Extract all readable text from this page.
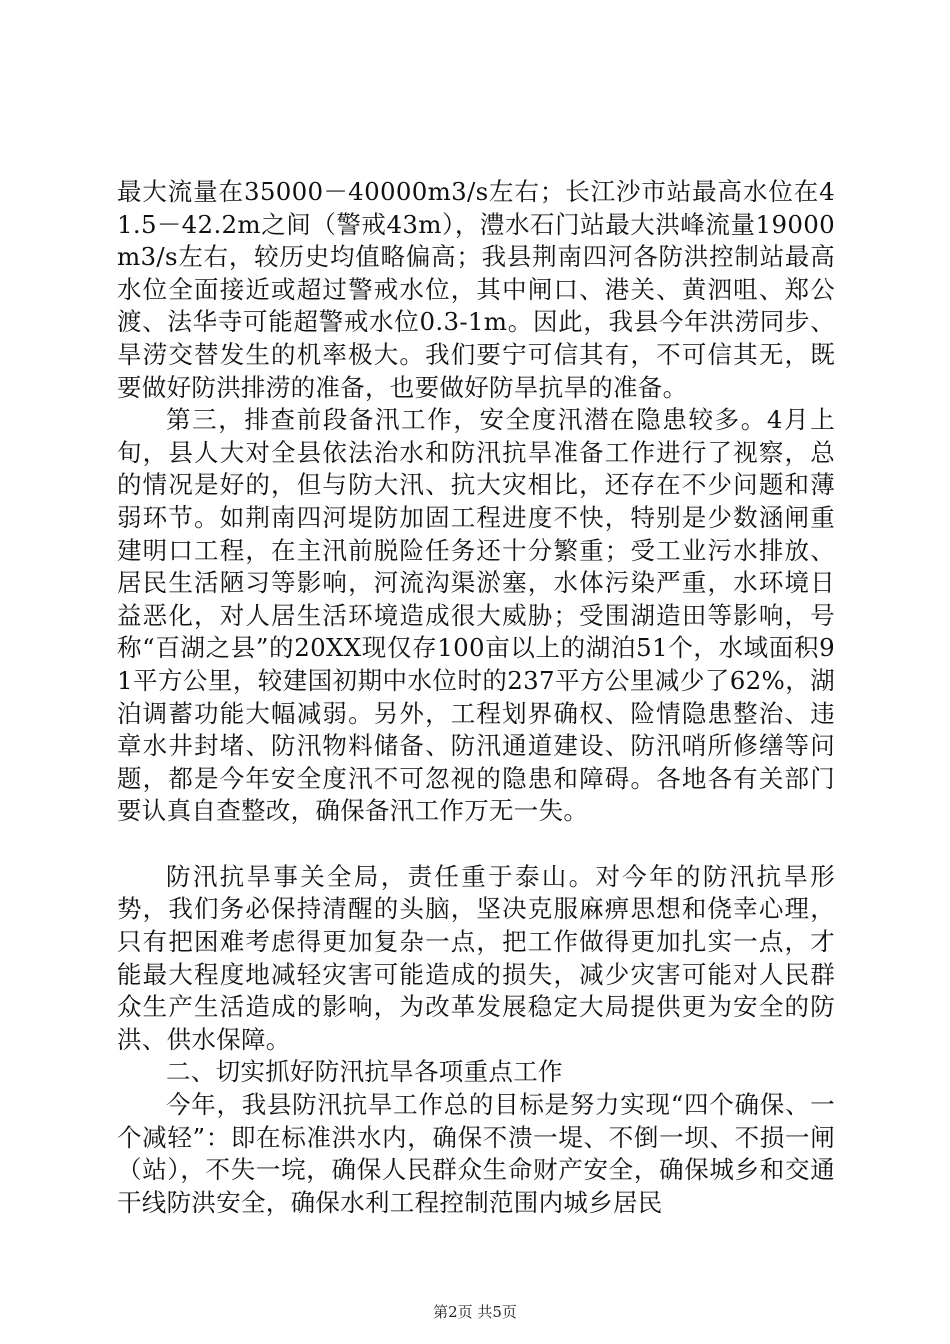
最大流量在35000－40000m3/s左右；长江沙市站最高水位在41.5－42.2m之间（警戒43m），澧水石门站最大洪峰流量19000m3/s左右，较历史均值略偏高；我县荆南四河各防洪控制站最高水位全面接近或超过警戒水位，其中闸口、港关、黄泗咀、郑公渡、法华寺可能超警戒水位0.3-1m。因此，我县今年洪涝同步、旱涝交替发生的机率极大。我们要宁可信其有，不可信其无，既要做好防洪排涝的准备，也要做好防旱抗旱的准备。

第三，排查前段备汛工作，安全度汛潜在隐患较多。4月上旬，县人大对全县依法治水和防汛抗旱准备工作进行了视察，总的情况是好的，但与防大汛、抗大灾相比，还存在不少问题和薄弱环节。如荆南四河堤防加固工程进度不快，特别是少数涵闸重建明口工程，在主汛前脱险任务还十分繁重；受工业污水排放、居民生活陋习等影响，河流沟渠淤塞，水体污染严重，水环境日益恶化，对人居生活环境造成很大威胁；受围湖造田等影响，号称“百湖之县”的20XX现仅存100亩以上的湖泊51个，水域面积91平方公里，较建国初期中水位时的237平方公里减少了62%，湖泊调蓄功能大幅减弱。另外，工程划界确权、险情隐患整治、违章水井封堵、防汛物料储备、防汛通道建设、防汛哨所修缮等问题，都是今年安全度汛不可忽视的隐患和障碍。各地各有关部门要认真自查整改，确保备汛工作万无一失。

防汛抗旱事关全局，责任重于泰山。对今年的防汛抗旱形势，我们务必保持清醒的头脑，坚决克服麻痹思想和侥幸心理，只有把困难考虑得更加复杂一点，把工作做得更加扎实一点，才能最大程度地减轻灾害可能造成的损失，减少灾害可能对人民群众生产生活造成的影响，为改革发展稳定大局提供更为安全的防洪、供水保障。

二、切实抓好防汛抗旱各项重点工作

今年，我县防汛抗旱工作总的目标是努力实现“四个确保、一个减轻”：即在标准洪水内，确保不溃一堤、不倒一坝、不损一闸（站），不失一垸，确保人民群众生命财产安全，确保城乡和交通干线防洪安全，确保水利工程控制范围内城乡居民

第2页 共5页
